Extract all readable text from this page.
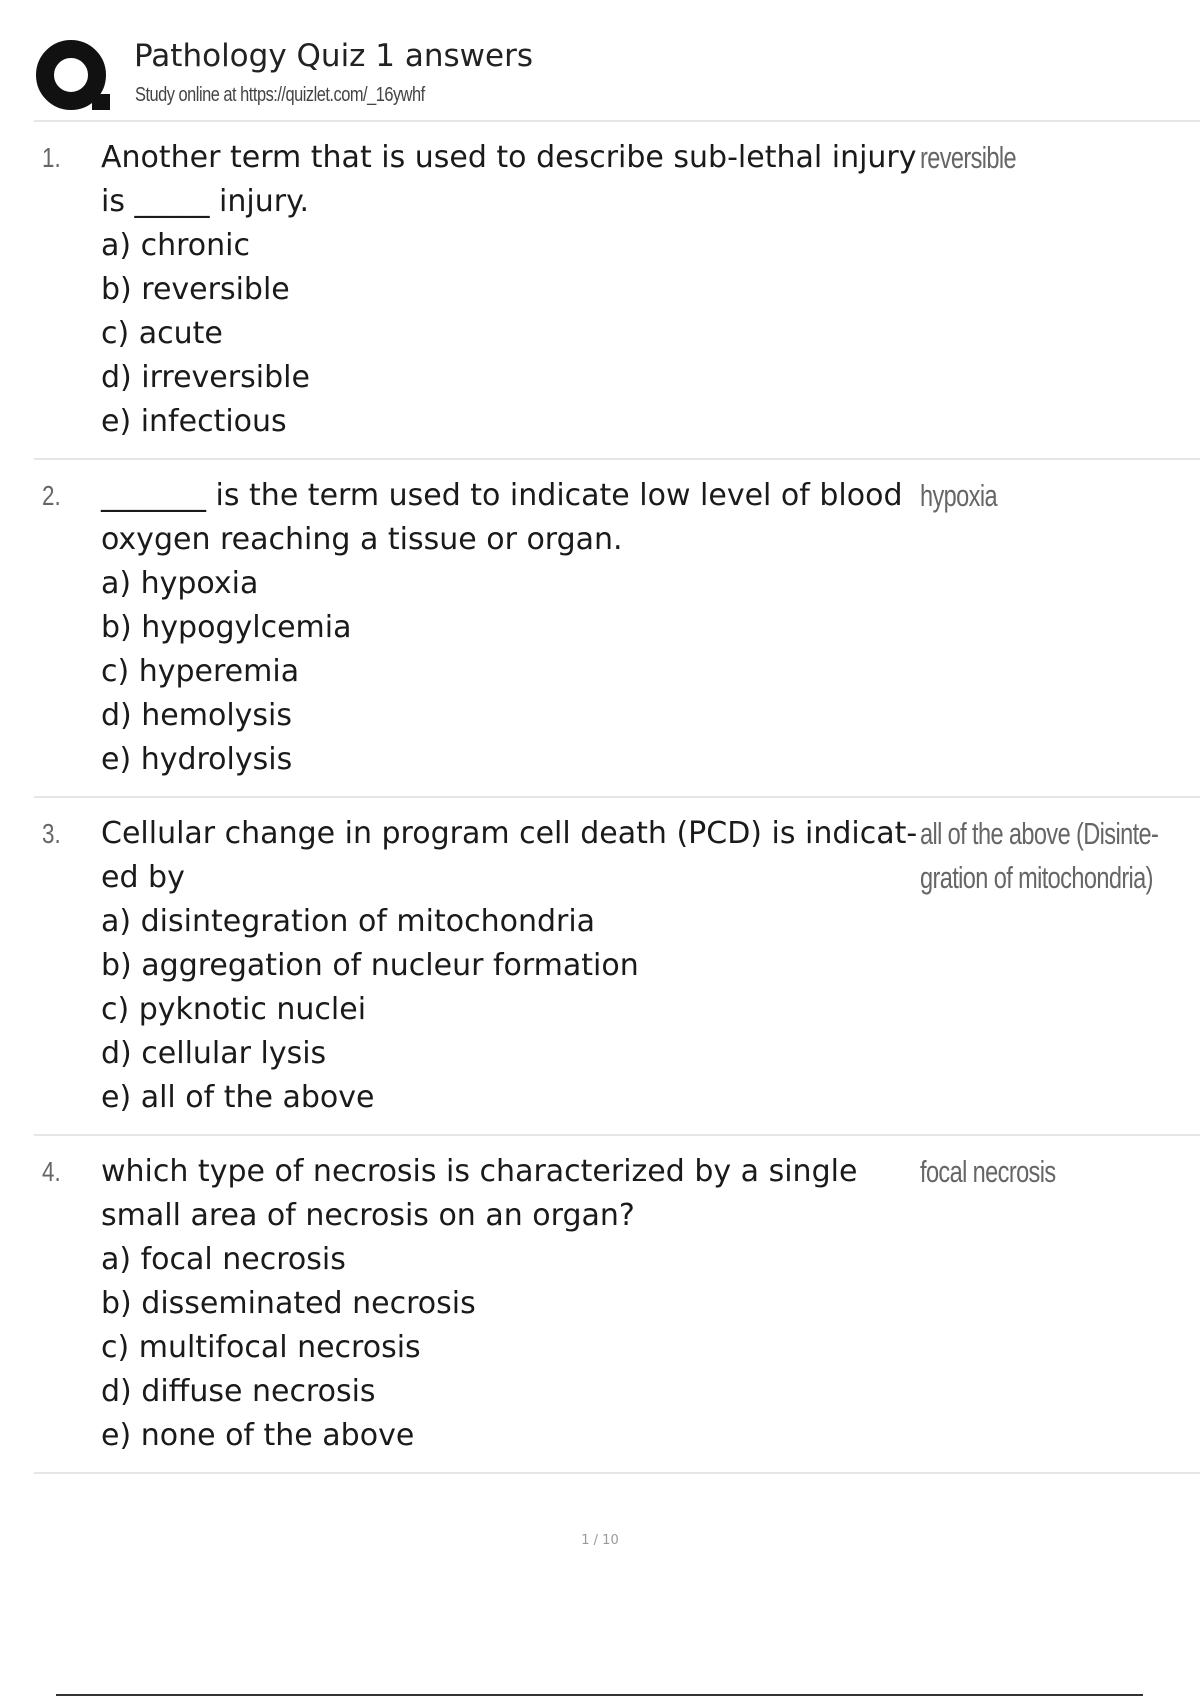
Pathology Quiz 1 answers
Study online at https://quizlet.com/_16ywhf
1. Another term that is used to describe sub-lethal injury is _____ injury.
a) chronic
b) reversible
c) acute
d) irreversible
e) infectious
reversible
2. _______ is the term used to indicate low level of blood oxygen reaching a tissue or organ.
a) hypoxia
b) hypogylcemia
c) hyperemia
d) hemolysis
e) hydrolysis
hypoxia
3. Cellular change in program cell death (PCD) is indicat- ed by
a) disintegration of mitochondria
b) aggregation of nucleur formation
c) pyknotic nuclei
d) cellular lysis
e) all of the above
all of the above (Disinte- gration of mitochondria)
4. which type of necrosis is characterized by a single small area of necrosis on an organ?
a) focal necrosis
b) disseminated necrosis
c) multifocal necrosis
d) diffuse necrosis
e) none of the above
focal necrosis
1 / 10
